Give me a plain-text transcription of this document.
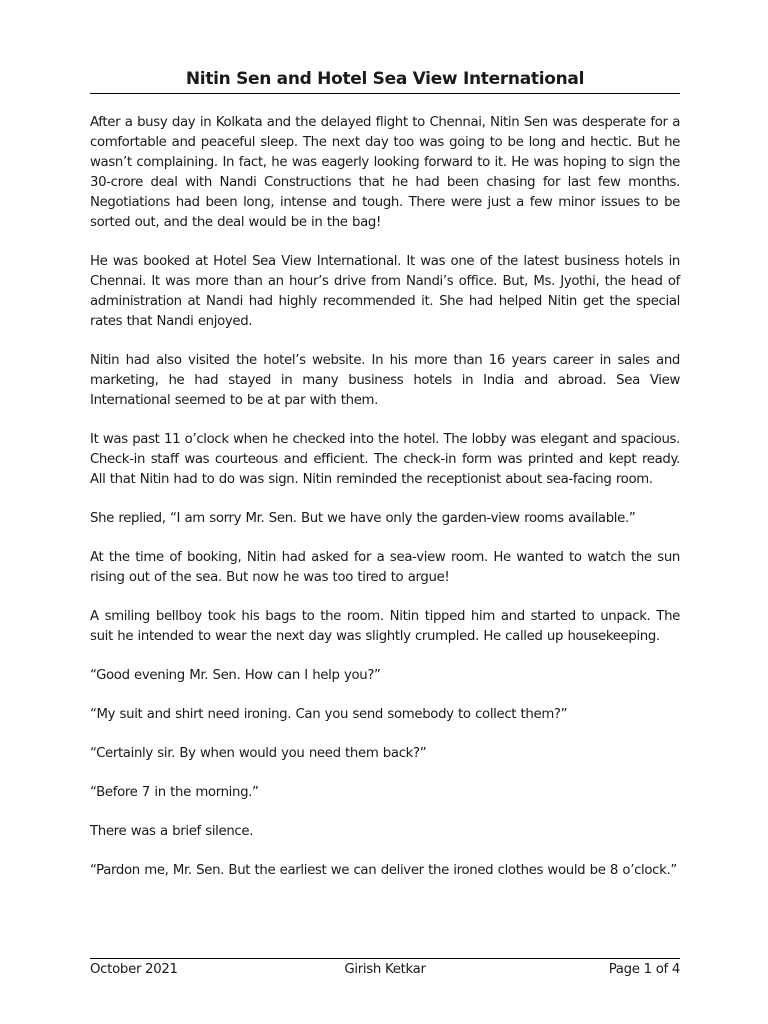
Nitin Sen and Hotel Sea View International

After a busy day in Kolkata and the delayed flight to Chennai, Nitin Sen was desperate for a comfortable and peaceful sleep. The next day too was going to be long and hectic. But he wasn’t complaining. In fact, he was eagerly looking forward to it. He was hoping to sign the 30-crore deal with Nandi Constructions that he had been chasing for last few months. Negotiations had been long, intense and tough. There were just a few minor issues to be sorted out, and the deal would be in the bag!

He was booked at Hotel Sea View International. It was one of the latest business hotels in Chennai. It was more than an hour’s drive from Nandi’s office. But, Ms. Jyothi, the head of administration at Nandi had highly recommended it. She had helped Nitin get the special rates that Nandi enjoyed.

Nitin had also visited the hotel’s website. In his more than 16 years career in sales and marketing, he had stayed in many business hotels in India and abroad. Sea View International seemed to be at par with them.

It was past 11 o’clock when he checked into the hotel. The lobby was elegant and spacious. Check-in staff was courteous and efficient. The check-in form was printed and kept ready. All that Nitin had to do was sign. Nitin reminded the receptionist about sea-facing room.

She replied, “I am sorry Mr. Sen. But we have only the garden-view rooms available.”

At the time of booking, Nitin had asked for a sea-view room. He wanted to watch the sun rising out of the sea. But now he was too tired to argue!

A smiling bellboy took his bags to the room. Nitin tipped him and started to unpack. The suit he intended to wear the next day was slightly crumpled. He called up housekeeping.

“Good evening Mr. Sen. How can I help you?”

“My suit and shirt need ironing. Can you send somebody to collect them?”

“Certainly sir. By when would you need them back?”

“Before 7 in the morning.”

There was a brief silence.

“Pardon me, Mr. Sen. But the earliest we can deliver the ironed clothes would be 8 o’clock.”

October 2021	Girish Ketkar	Page 1 of 4
